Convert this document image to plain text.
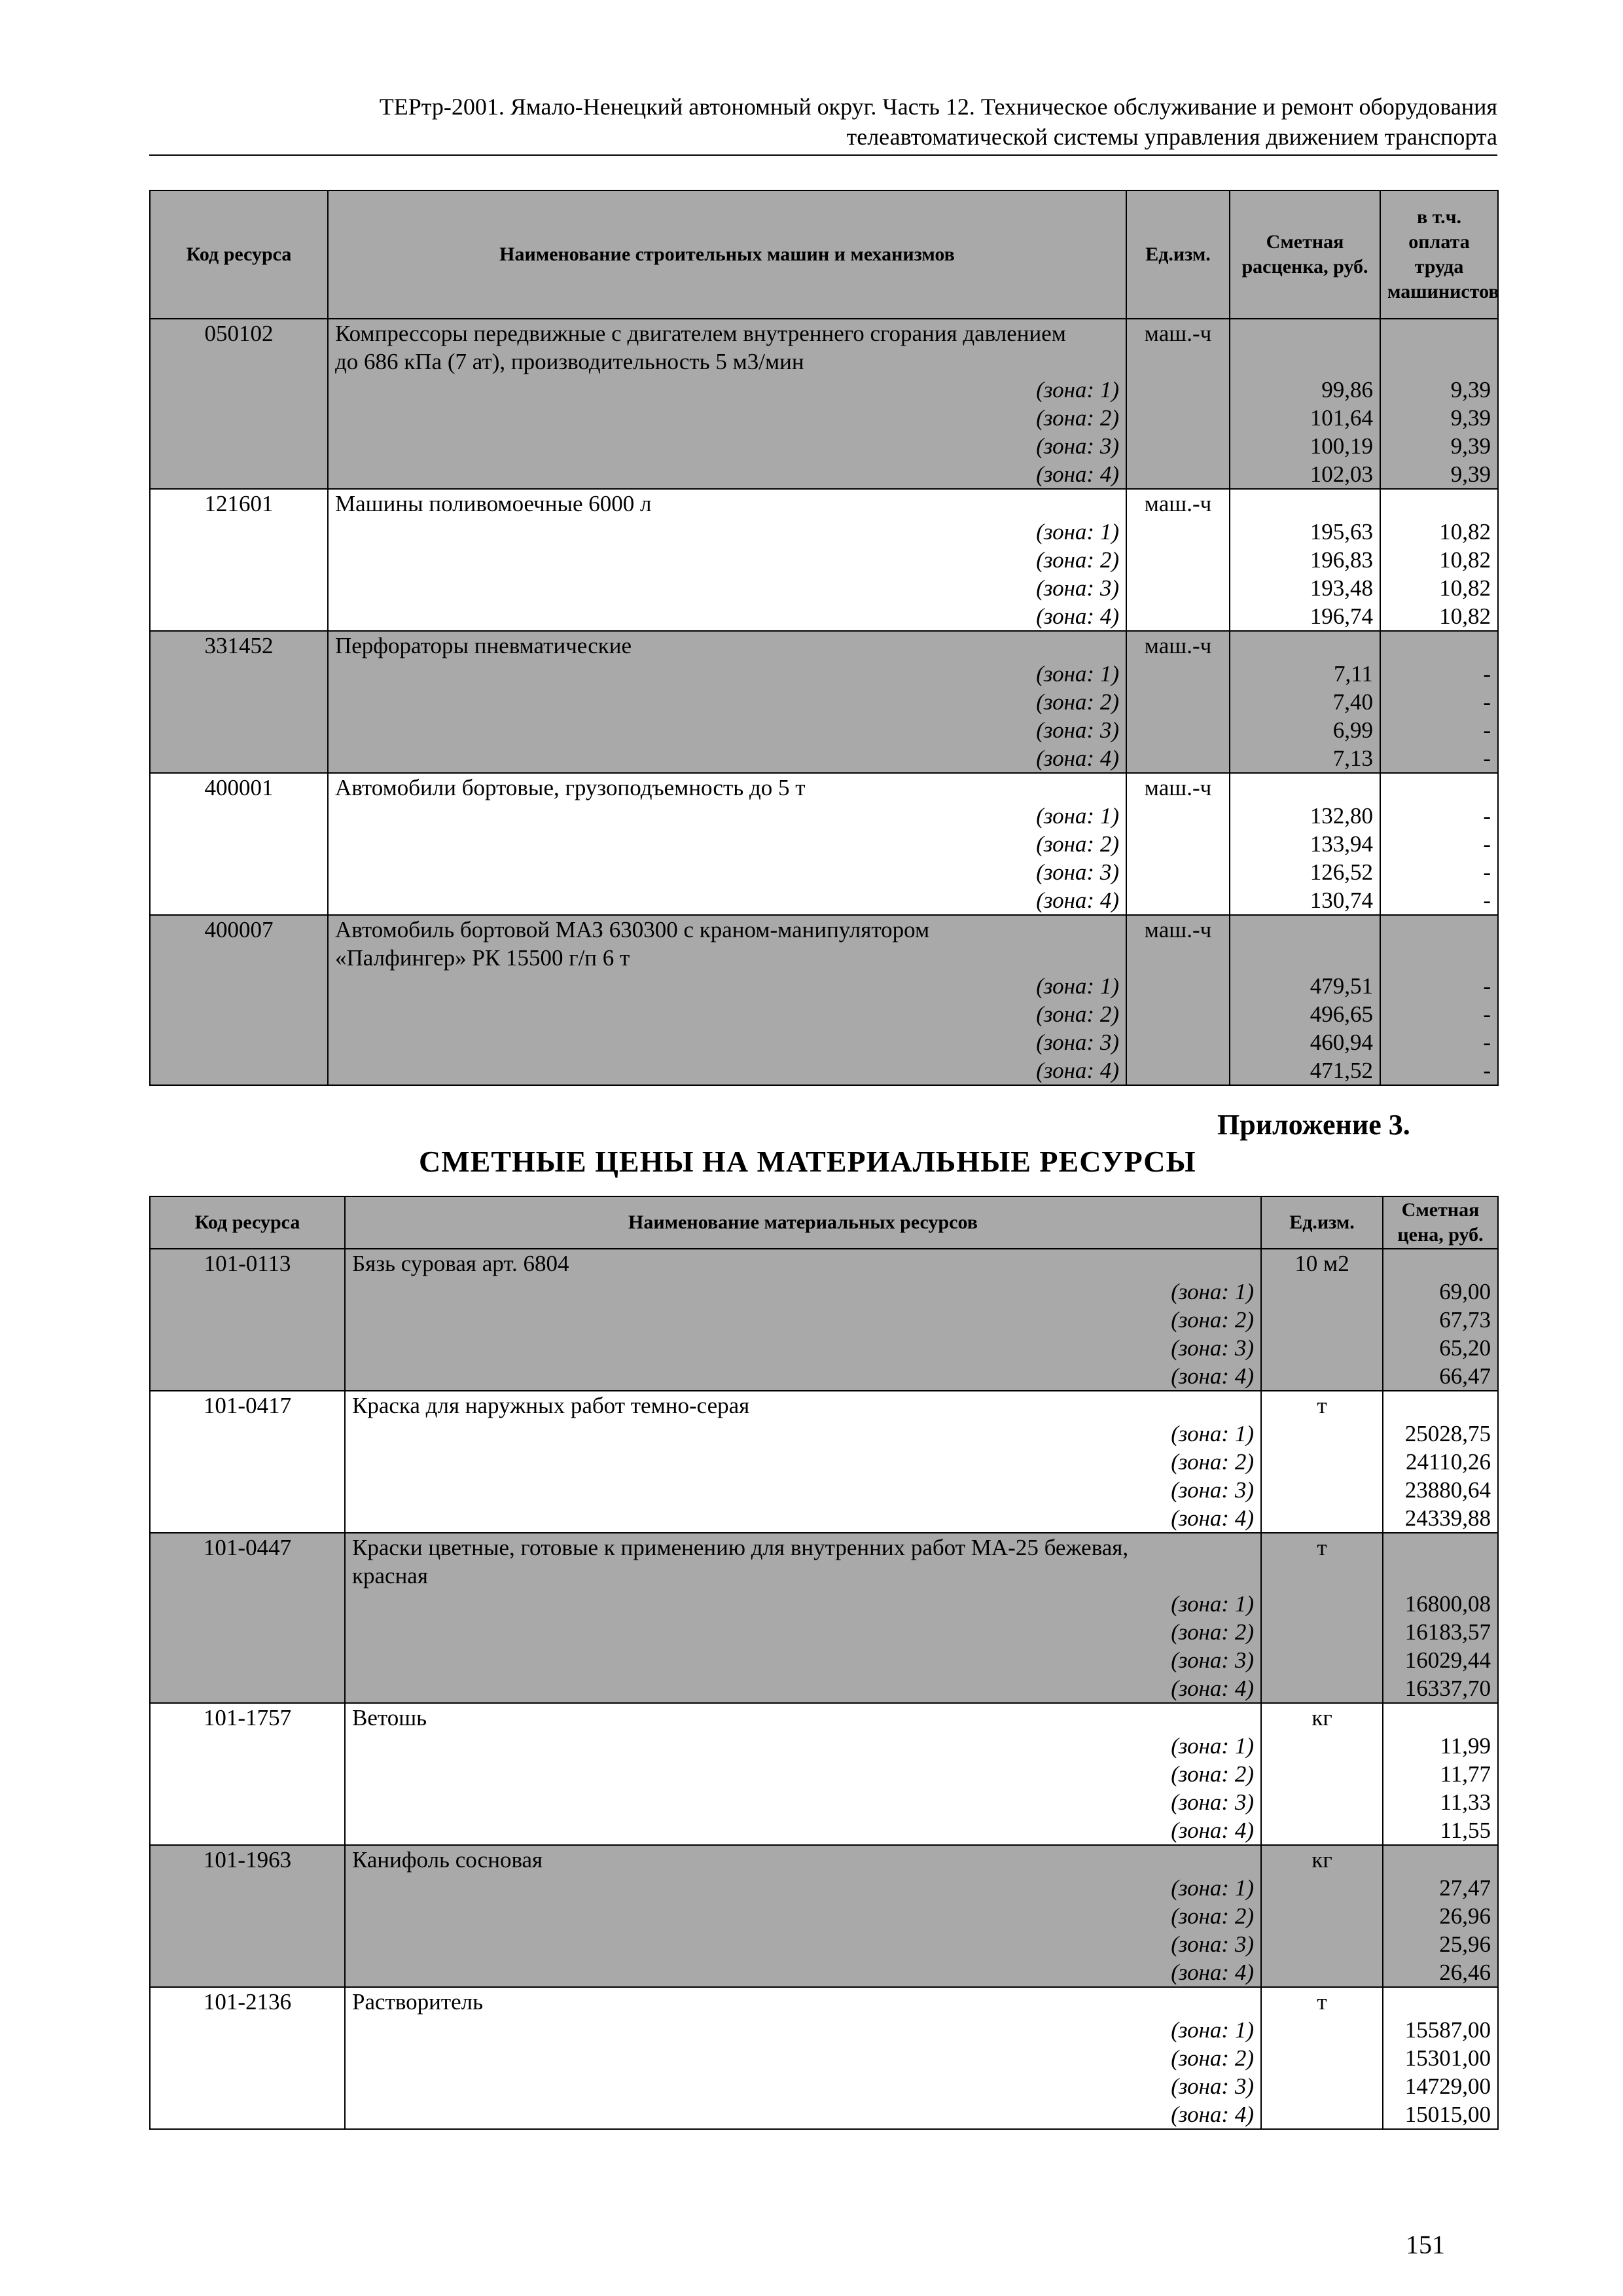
ТЕРтр-2001. Ямало-Ненецкий автономный округ. Часть 12. Техническое обслуживание и ремонт оборудования
телеавтоматической системы управления движением транспорта
Код ресурса	Наименование строительных машин и механизмов	Ед.изм.	Сметная расценка, руб.	в т.ч. оплата труда машинистов
050102	Компрессоры передвижные с двигателем внутреннего сгорания давлением	маш.-ч		
	до 686 кПа (7 ат), производительность 5 м3/мин			
	(зона: 1)		99,86	9,39
	(зона: 2)		101,64	9,39
	(зона: 3)		100,19	9,39
	(зона: 4)		102,03	9,39
121601	Машины поливомоечные 6000 л	маш.-ч		
	(зона: 1)		195,63	10,82
	(зона: 2)		196,83	10,82
	(зона: 3)		193,48	10,82
	(зона: 4)		196,74	10,82
331452	Перфораторы пневматические	маш.-ч		
	(зона: 1)		7,11	-
	(зона: 2)		7,40	-
	(зона: 3)		6,99	-
	(зона: 4)		7,13	-
400001	Автомобили бортовые, грузоподъемность до 5 т	маш.-ч		
	(зона: 1)		132,80	-
	(зона: 2)		133,94	-
	(зона: 3)		126,52	-
	(зона: 4)		130,74	-
400007	Автомобиль бортовой МАЗ 630300 с краном-манипулятором	маш.-ч		
	«Палфингер» РК 15500 г/п 6 т			
	(зона: 1)		479,51	-
	(зона: 2)		496,65	-
	(зона: 3)		460,94	-
	(зона: 4)		471,52	-
Приложение 3.
СМЕТНЫЕ ЦЕНЫ НА МАТЕРИАЛЬНЫЕ РЕСУРСЫ
Код ресурса	Наименование материальных ресурсов	Ед.изм.	Сметная цена, руб.
101-0113	Бязь суровая арт. 6804	10 м2	
	(зона: 1)		69,00
	(зона: 2)		67,73
	(зона: 3)		65,20
	(зона: 4)		66,47
101-0417	Краска для наружных работ темно-серая	т	
	(зона: 1)		25028,75
	(зона: 2)		24110,26
	(зона: 3)		23880,64
	(зона: 4)		24339,88
101-0447	Краски цветные, готовые к применению для внутренних работ МА-25 бежевая,	т	
	красная		
	(зона: 1)		16800,08
	(зона: 2)		16183,57
	(зона: 3)		16029,44
	(зона: 4)		16337,70
101-1757	Ветошь	кг	
	(зона: 1)		11,99
	(зона: 2)		11,77
	(зона: 3)		11,33
	(зона: 4)		11,55
101-1963	Канифоль сосновая	кг	
	(зона: 1)		27,47
	(зона: 2)		26,96
	(зона: 3)		25,96
	(зона: 4)		26,46
101-2136	Растворитель	т	
	(зона: 1)		15587,00
	(зона: 2)		15301,00
	(зона: 3)		14729,00
	(зона: 4)		15015,00
151
